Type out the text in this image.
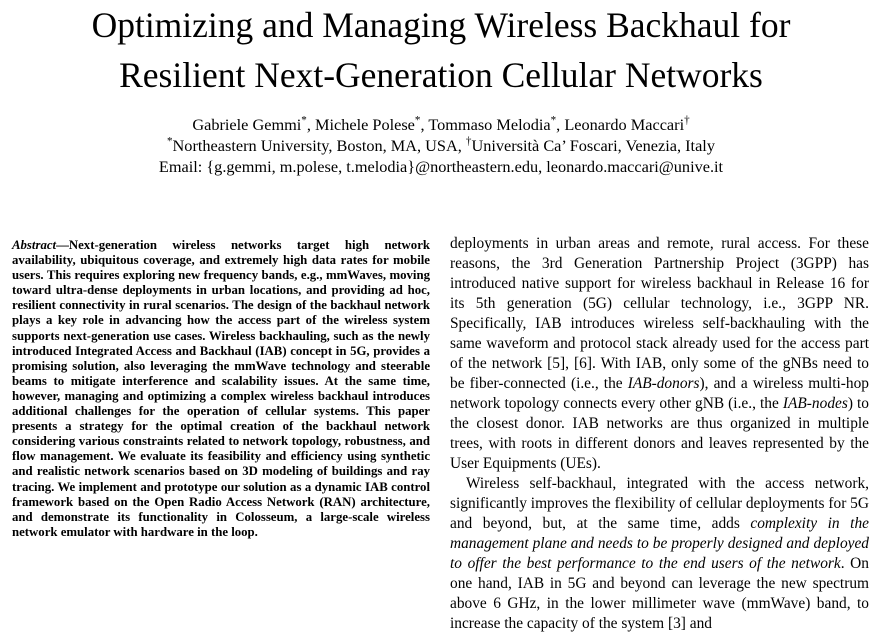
Optimizing and Managing Wireless Backhaul for
Resilient Next-Generation Cellular Networks
Gabriele Gemmi*, Michele Polese*, Tommaso Melodia*, Leonardo Maccari†
*Northeastern University, Boston, MA, USA, †Università Ca’ Foscari, Venezia, Italy
Email: {g.gemmi, m.polese, t.melodia}@northeastern.edu, leonardo.maccari@unive.it

Abstract—Next-generation wireless networks target high network availability, ubiquitous coverage, and extremely high data rates for mobile users. This requires exploring new frequency bands, e.g., mmWaves, moving toward ultra-dense deployments in urban locations, and providing ad hoc, resilient connectivity in rural scenarios. The design of the backhaul network plays a key role in advancing how the access part of the wireless system supports next-generation use cases. Wireless backhauling, such as the newly introduced Integrated Access and Backhaul (IAB) concept in 5G, provides a promising solution, also leveraging the mmWave technology and steerable beams to mitigate interference and scalability issues. At the same time, however, managing and optimizing a complex wireless backhaul introduces additional challenges for the operation of cellular systems. This paper presents a strategy for the optimal creation of the backhaul network considering various constraints related to network topology, robustness, and flow management. We evaluate its feasibility and efficiency using synthetic and realistic network scenarios based on 3D modeling of buildings and ray tracing. We implement and prototype our solution as a dynamic IAB control framework based on the Open Radio Access Network (RAN) architecture, and demonstrate its functionality in Colosseum, a large-scale wireless network emulator with hardware in the loop.

deployments in urban areas and remote, rural access. For these reasons, the 3rd Generation Partnership Project (3GPP) has introduced native support for wireless backhaul in Release 16 for its 5th generation (5G) cellular technology, i.e., 3GPP NR. Specifically, IAB introduces wireless self-backhauling with the same waveform and protocol stack already used for the access part of the network [5], [6]. With IAB, only some of the gNBs need to be fiber-connected (i.e., the IAB-donors), and a wireless multi-hop network topology connects every other gNB (i.e., the IAB-nodes) to the closest donor. IAB networks are thus organized in multiple trees, with roots in different donors and leaves represented by the User Equipments (UEs).

Wireless self-backhaul, integrated with the access network, significantly improves the flexibility of cellular deployments for 5G and beyond, but, at the same time, adds complexity in the management plane and needs to be properly designed and deployed to offer the best performance to the end users of the network. On one hand, IAB in 5G and beyond can leverage the new spectrum above 6 GHz, in the lower millimeter wave (mmWave) band, to increase the capacity of the system [3] and
